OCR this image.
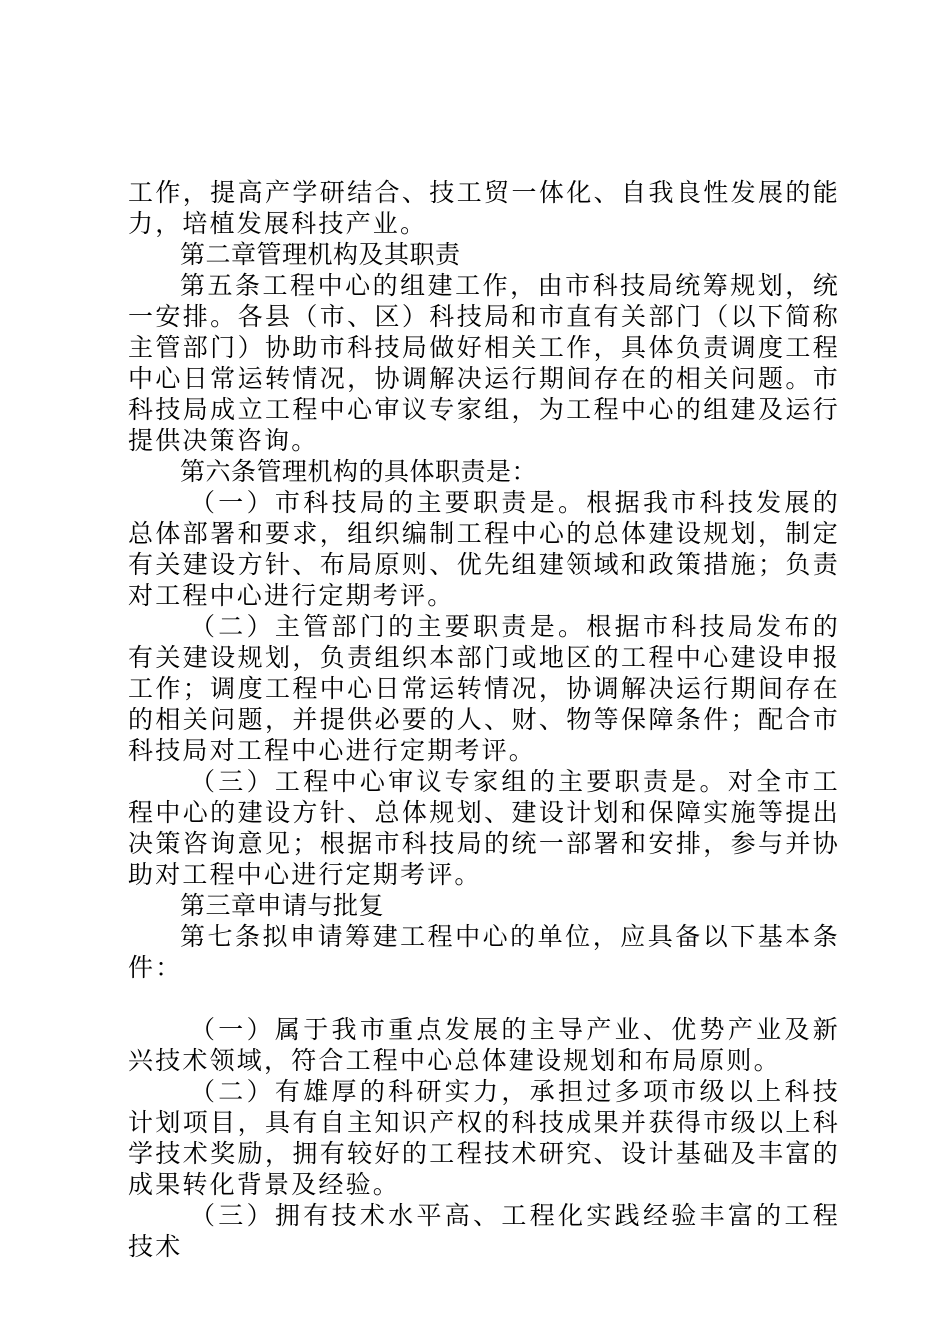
工作，提高产学研结合、技工贸一体化、自我良性发展的能力，培植发展科技产业。

第二章管理机构及其职责

第五条工程中心的组建工作，由市科技局统筹规划，统一安排。各县（市、区）科技局和市直有关部门（以下简称主管部门）协助市科技局做好相关工作，具体负责调度工程中心日常运转情况，协调解决运行期间存在的相关问题。市科技局成立工程中心审议专家组，为工程中心的组建及运行提供决策咨询。

第六条管理机构的具体职责是：

（一）市科技局的主要职责是。根据我市科技发展的总体部署和要求，组织编制工程中心的总体建设规划，制定有关建设方针、布局原则、优先组建领域和政策措施；负责对工程中心进行定期考评。

（二）主管部门的主要职责是。根据市科技局发布的有关建设规划，负责组织本部门或地区的工程中心建设申报工作；调度工程中心日常运转情况，协调解决运行期间存在的相关问题，并提供必要的人、财、物等保障条件；配合市科技局对工程中心进行定期考评。

（三）工程中心审议专家组的主要职责是。对全市工程中心的建设方针、总体规划、建设计划和保障实施等提出决策咨询意见；根据市科技局的统一部署和安排，参与并协助对工程中心进行定期考评。

第三章申请与批复

第七条拟申请筹建工程中心的单位，应具备以下基本条件：

（一）属于我市重点发展的主导产业、优势产业及新兴技术领域，符合工程中心总体建设规划和布局原则。

（二）有雄厚的科研实力，承担过多项市级以上科技计划项目，具有自主知识产权的科技成果并获得市级以上科学技术奖励，拥有较好的工程技术研究、设计基础及丰富的成果转化背景及经验。

（三）拥有技术水平高、工程化实践经验丰富的工程技术
